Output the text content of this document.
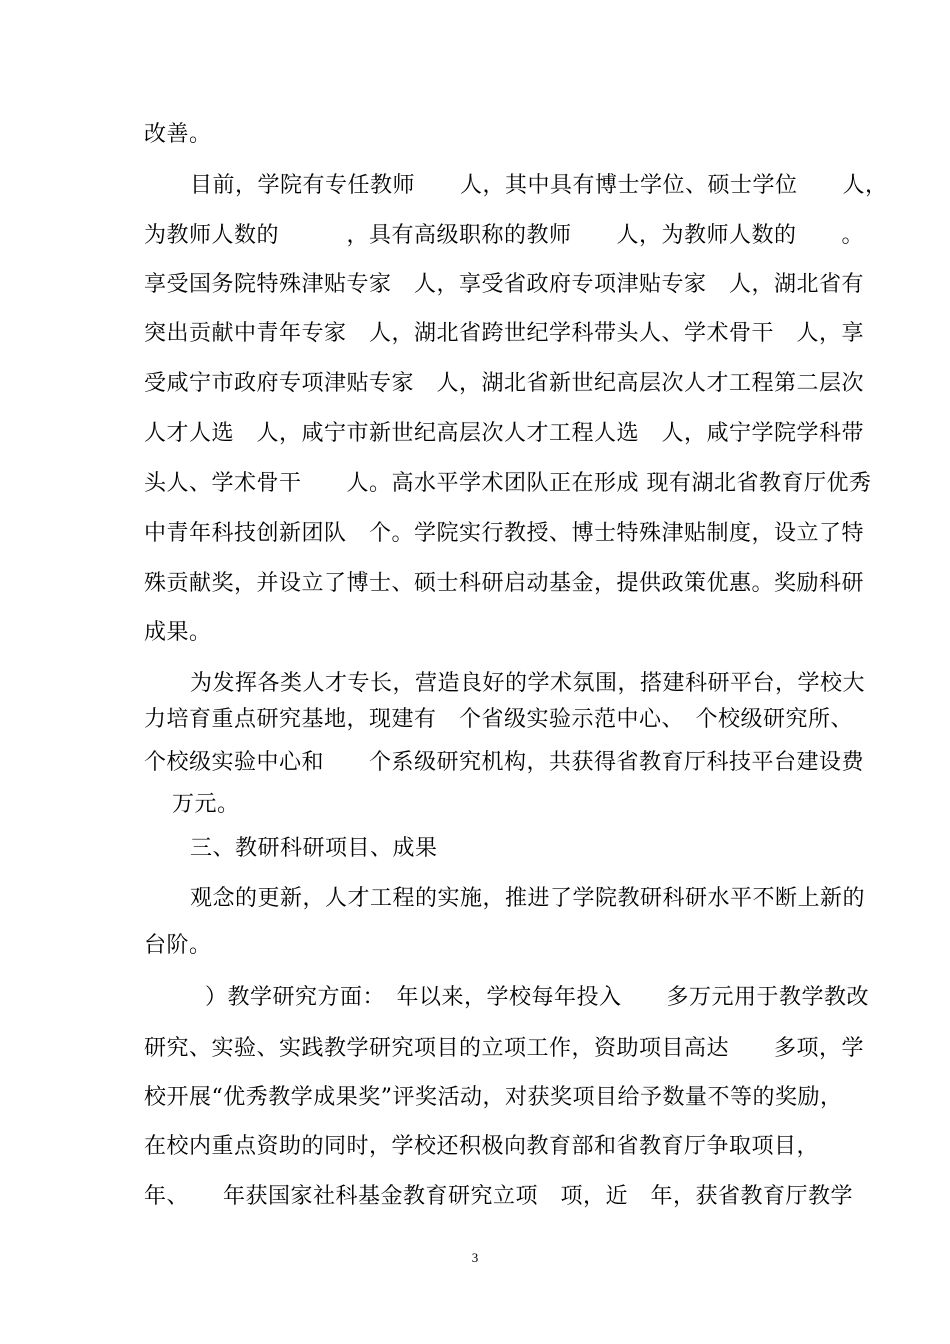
改善。

目前，学院有专任教师　　人，其中具有博士学位、硕士学位　　人，

为教师人数的　　　，具有高级职称的教师　　人，为教师人数的　　。

享受国务院特殊津贴专家　人，享受省政府专项津贴专家　人，湖北省有

突出贡献中青年专家　人，湖北省跨世纪学科带头人、学术骨干　人，享

受咸宁市政府专项津贴专家　人，湖北省新世纪高层次人才工程第二层次

人才人选　人，咸宁市新世纪高层次人才工程人选　人，咸宁学院学科带

头人、学术骨干　　人。高水平学术团队正在形成 现有湖北省教育厅优秀

中青年科技创新团队　个。学院实行教授、博士特殊津贴制度，设立了特

殊贡献奖，并设立了博士、硕士科研启动基金，提供政策优惠。奖励科研

成果。

为发挥各类人才专长，营造良好的学术氛围，搭建科研平台，学校大

力培育重点研究基地，现建有　个省级实验示范中心、　个校级研究所、

个校级实验中心和　　个系级研究机构，共获得省教育厅科技平台建设费

万元。

三、教研科研项目、成果

观念的更新，人才工程的实施，推进了学院教研科研水平不断上新的

台阶。

）教学研究方面：　年以来，学校每年投入　　多万元用于教学教改

研究、实验、实践教学研究项目的立项工作，资助项目高达　　多项，学

校开展“优秀教学成果奖”评奖活动，对获奖项目给予数量不等的奖励，

在校内重点资助的同时，学校还积极向教育部和省教育厅争取项目，

年、　　年获国家社科基金教育研究立项　项，近　年，获省教育厅教学

3
